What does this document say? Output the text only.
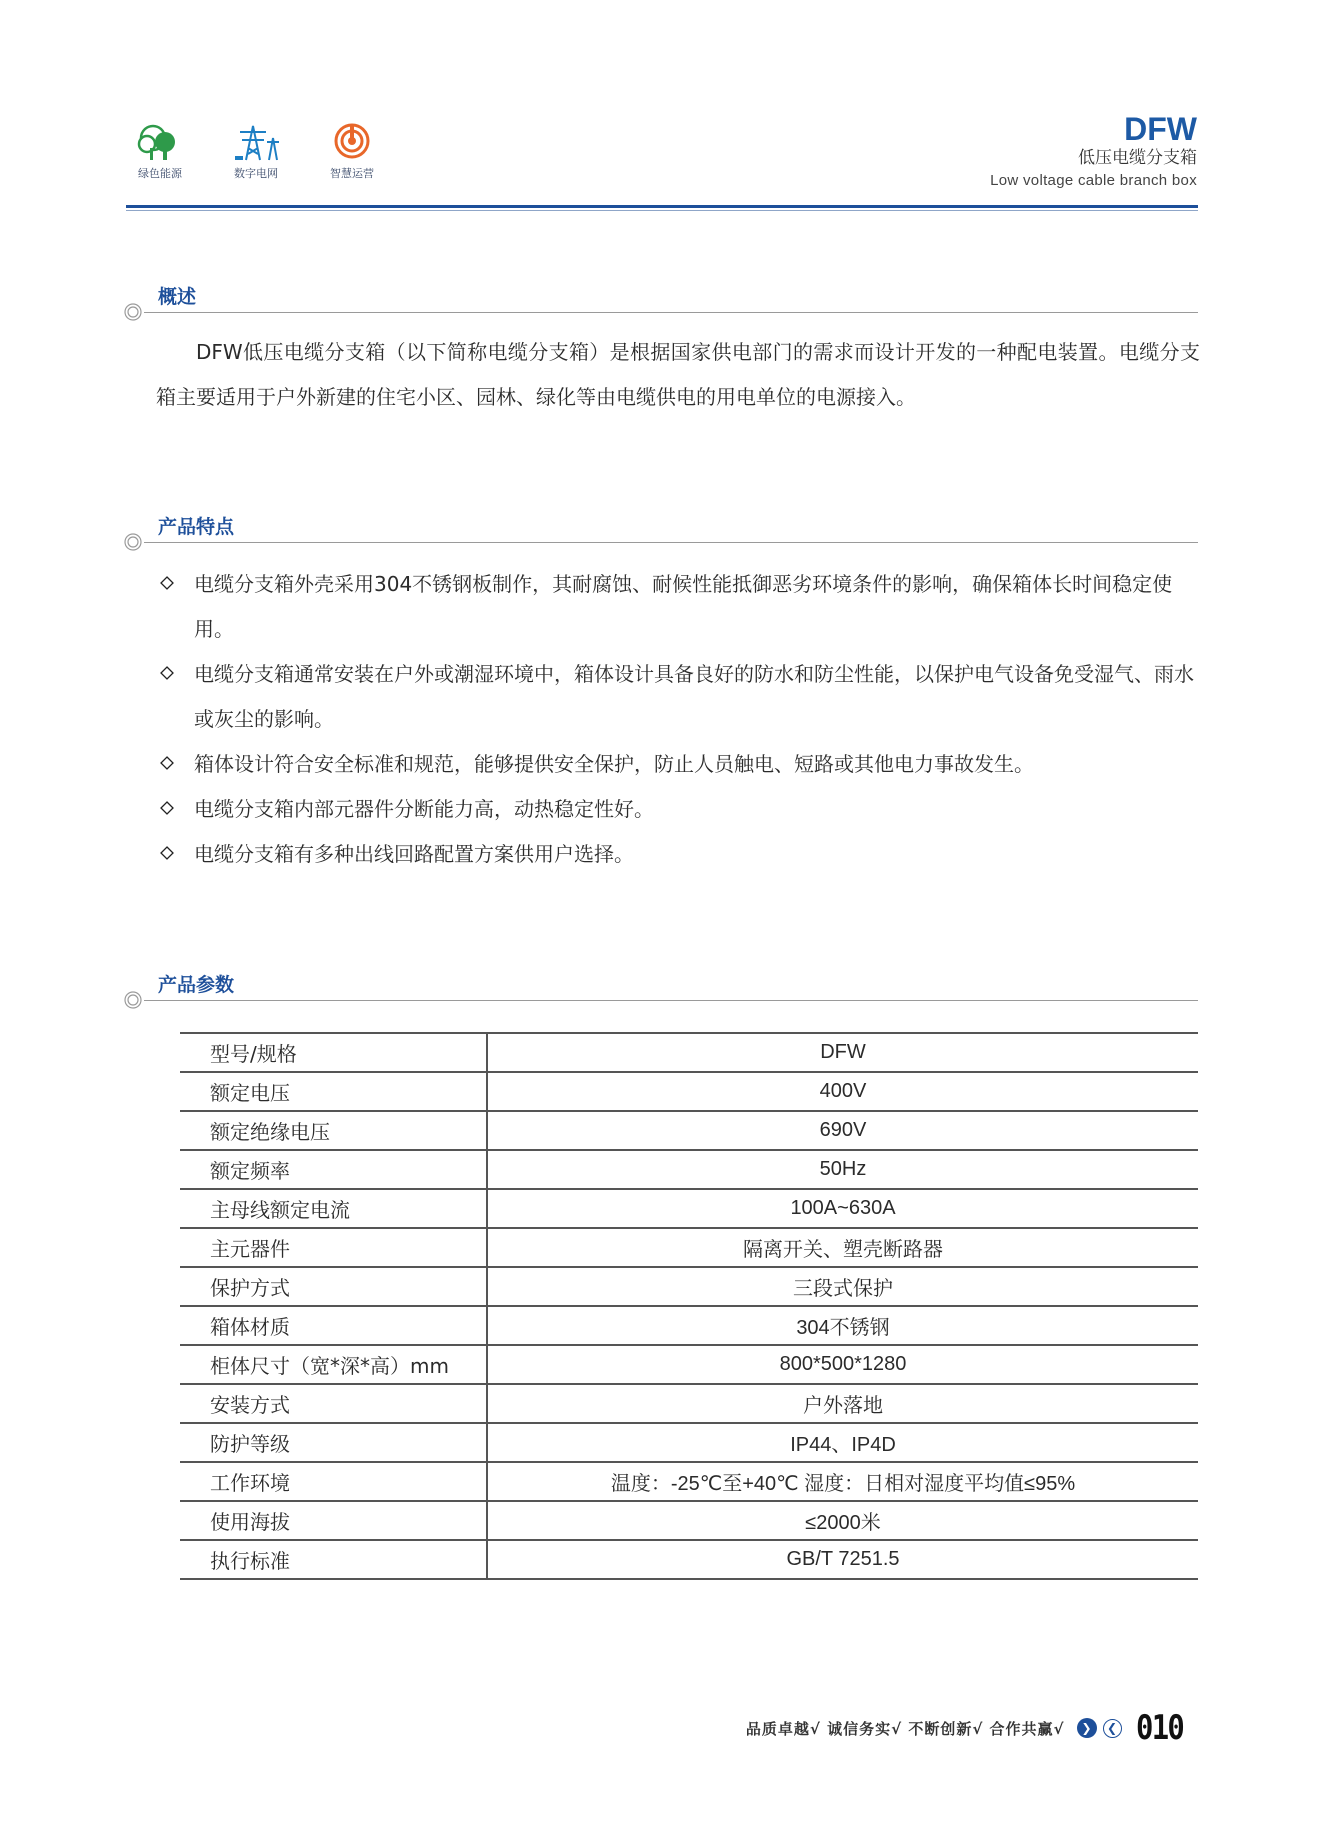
绿色能源	数字电网	智慧运营
DFW
低压电缆分支箱
Low voltage cable branch box
概述
DFW低压电缆分支箱（以下简称电缆分支箱）是根据国家供电部门的需求而设计开发的一种配电装置。电缆分支箱主要适用于户外新建的住宅小区、园林、绿化等由电缆供电的用电单位的电源接入。
产品特点
电缆分支箱外壳采用304不锈钢板制作，其耐腐蚀、耐候性能抵御恶劣环境条件的影响，确保箱体长时间稳定使用。
电缆分支箱通常安装在户外或潮湿环境中，箱体设计具备良好的防水和防尘性能，以保护电气设备免受湿气、雨水或灰尘的影响。
箱体设计符合安全标准和规范，能够提供安全保护，防止人员触电、短路或其他电力事故发生。
电缆分支箱内部元器件分断能力高，动热稳定性好。
电缆分支箱有多种出线回路配置方案供用户选择。
产品参数
型号/规格	DFW
额定电压	400V
额定绝缘电压	690V
额定频率	50Hz
主母线额定电流	100A~630A
主元器件	隔离开关、塑壳断路器
保护方式	三段式保护
箱体材质	304不锈钢
柜体尺寸（宽*深*高）mm	800*500*1280
安装方式	户外落地
防护等级	IP44、IP4D
工作环境	温度：-25℃至+40℃ 湿度：日相对湿度平均值≤95%
使用海拔	≤2000米
执行标准	GB/T 7251.5
品质卓越√ 诚信务实√ 不断创新√ 合作共赢√	❯	❮ 010
